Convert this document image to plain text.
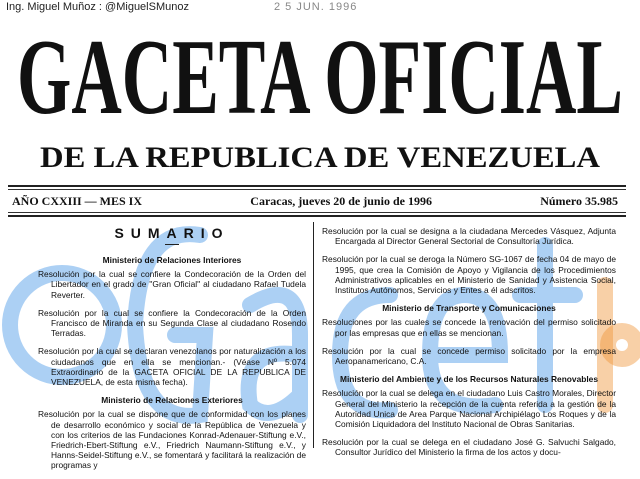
Ing. Miguel Muñoz : @MiguelSMunoz	2 5 JUN. 1996
GACETA OFICIAL
DE LA REPUBLICA DE VENEZUELA
AÑO CXXIII — MES IX	Caracas, jueves 20 de junio de 1996	Número 35.985
SUMARIO
Ministerio de Relaciones Interiores
Resolución por la cual se confiere la Condecoración de la Orden del Libertador en el grado de ''Gran Oficial'' al ciudadano Rafael Tudela Reverter.
Resolución por la cual se confiere la Condecoración de la Orden Francisco de Miranda en su Segunda Clase al ciudadano Rosendo Terradas.
Resolución por la cual se declaran venezolanos por naturalización a los ciudadanos que en ella se mencionan.- (Véase Nº 5.074 Extraordinario de la GACETA OFICIAL DE LA REPUBLICA DE VENEZUELA, de esta misma fecha).
Ministerio de Relaciones Exteriores
Resolución por la cual se dispone que de conformidad con los planes de desarrollo económico y social de la República de Venezuela y con los criterios de las Fundaciones Konrad-Adenauer-Stiftung e.V., Friedrich-Ebert-Stiftung e.V., Friedrich Naumann-Stiftung e.V., y Hanns-Seidel-Stiftung e.V., se fomentará y facilitará la realización de programas y
Resolución por la cual se designa a la ciudadana Mercedes Vásquez, Adjunta Encargada al Director General Sectorial de Consultoría Jurídica.
Resolución por la cual se deroga la Número SG-1067 de fecha 04 de mayo de 1995, que crea la Comisión de Apoyo y Vigilancia de los Procedimientos Administrativos aplicables en el Ministerio de Sanidad y Asistencia Social, Institutos Autónomos, Servicios y Entes a él adscritos.
Ministerio de Transporte y Comunicaciones
Resoluciones por las cuales se concede la renovación del permiso solicitado por las empresas que en ellas se mencionan.
Resolución por la cual se concede permiso solicitado por la empresa Aeropanamericano, C.A.
Ministerio del Ambiente y de los Recursos Naturales Renovables
Resolución por la cual se delega en el ciudadano Luis Castro Morales, Director General del Ministerio la recepción de la cuenta referida a la gestión de la Autoridad Unica de Area Parque Nacional Archipiélago Los Roques y de la Comisión Liquidadora del Instituto Nacional de Obras Sanitarias.
Resolución por la cual se delega en el ciudadano José G. Salvuchi Salgado, Consultor Jurídico del Ministerio la firma de los actos y docu-
